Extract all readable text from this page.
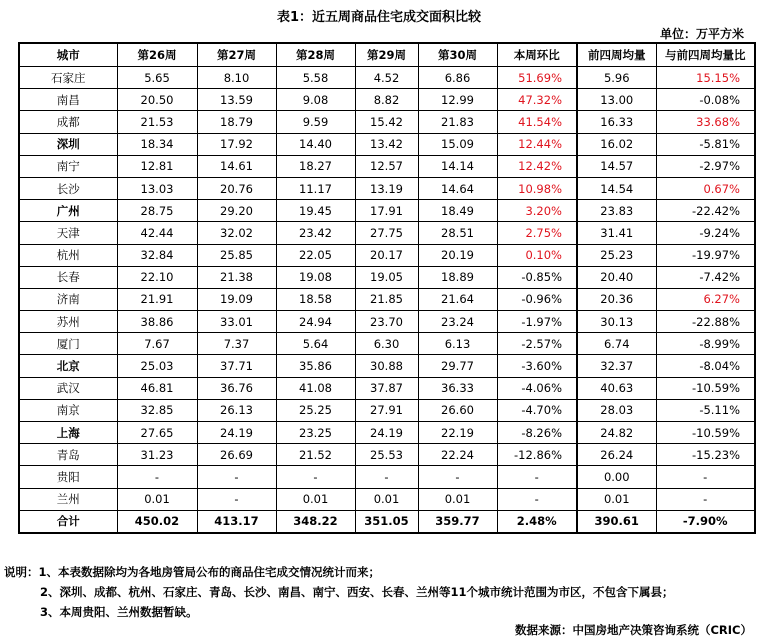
表1：近五周商品住宅成交面积比较
单位：万平方米
城市	第26周	第27周	第28周	第29周	第30周	本周环比	前四周均量	与前四周均量比
石家庄	5.65	8.10	5.58	4.52	6.86	51.69%	5.96	15.15%
南昌	20.50	13.59	9.08	8.82	12.99	47.32%	13.00	-0.08%
成都	21.53	18.79	9.59	15.42	21.83	41.54%	16.33	33.68%
深圳	18.34	17.92	14.40	13.42	15.09	12.44%	16.02	-5.81%
南宁	12.81	14.61	18.27	12.57	14.14	12.42%	14.57	-2.97%
长沙	13.03	20.76	11.17	13.19	14.64	10.98%	14.54	0.67%
广州	28.75	29.20	19.45	17.91	18.49	3.20%	23.83	-22.42%
天津	42.44	32.02	23.42	27.75	28.51	2.75%	31.41	-9.24%
杭州	32.84	25.85	22.05	20.17	20.19	0.10%	25.23	-19.97%
长春	22.10	21.38	19.08	19.05	18.89	-0.85%	20.40	-7.42%
济南	21.91	19.09	18.58	21.85	21.64	-0.96%	20.36	6.27%
苏州	38.86	33.01	24.94	23.70	23.24	-1.97%	30.13	-22.88%
厦门	7.67	7.37	5.64	6.30	6.13	-2.57%	6.74	-8.99%
北京	25.03	37.71	35.86	30.88	29.77	-3.60%	32.37	-8.04%
武汉	46.81	36.76	41.08	37.87	36.33	-4.06%	40.63	-10.59%
南京	32.85	26.13	25.25	27.91	26.60	-4.70%	28.03	-5.11%
上海	27.65	24.19	23.25	24.19	22.19	-8.26%	24.82	-10.59%
青岛	31.23	26.69	21.52	25.53	22.24	-12.86%	26.24	-15.23%
贵阳	-	-	-	-	-	-	0.00	-
兰州	0.01	-	0.01	0.01	0.01	-	0.01	-
合计	450.02	413.17	348.22	351.05	359.77	2.48%	390.61	-7.90%
说明：1、本表数据除均为各地房管局公布的商品住宅成交情况统计而来；
2、深圳、成都、杭州、石家庄、青岛、长沙、南昌、南宁、西安、长春、兰州等11个城市统计范围为市区，不包含下属县；
3、本周贵阳、兰州数据暂缺。
数据来源：中国房地产决策咨询系统（CRIC）
